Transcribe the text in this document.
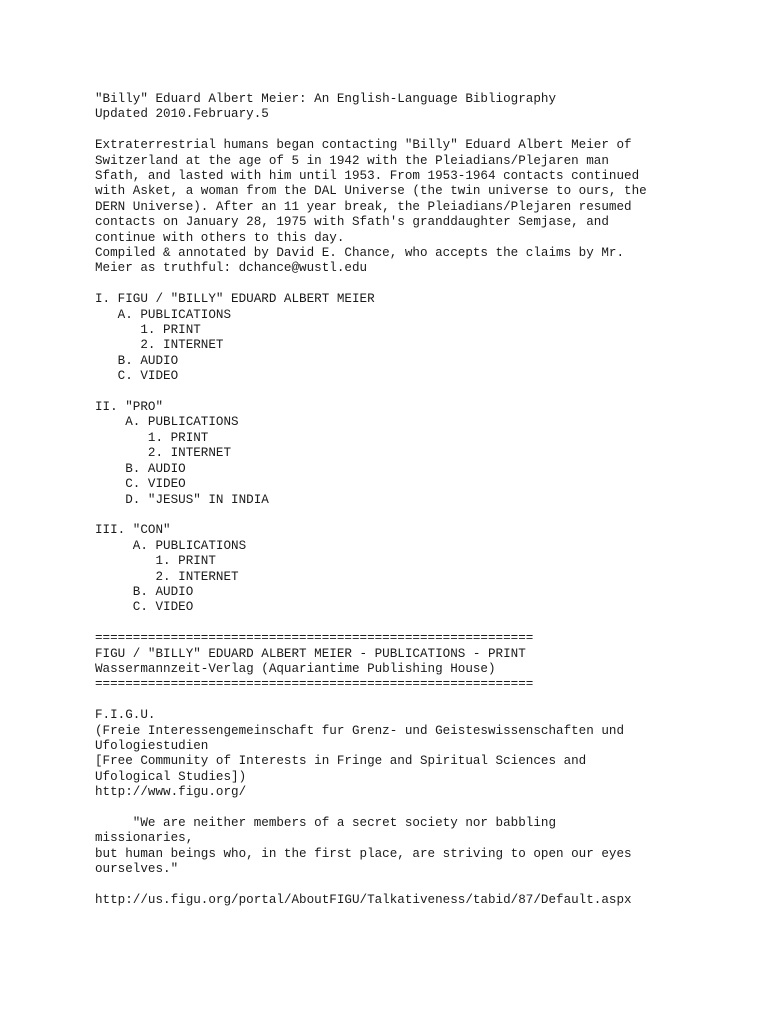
"Billy" Eduard Albert Meier: An English-Language Bibliography
Updated 2010.February.5
Extraterrestrial humans began contacting "Billy" Eduard Albert Meier of
Switzerland at the age of 5 in 1942 with the Pleiadians/Plejaren man
Sfath, and lasted with him until 1953. From 1953-1964 contacts continued
with Asket, a woman from the DAL Universe (the twin universe to ours, the
DERN Universe). After an 11 year break, the Pleiadians/Plejaren resumed
contacts on January 28, 1975 with Sfath's granddaughter Semjase, and
continue with others to this day.
Compiled & annotated by David E. Chance, who accepts the claims by Mr.
Meier as truthful: dchance@wustl.edu
I. FIGU / "BILLY" EDUARD ALBERT MEIER
A. PUBLICATIONS
1. PRINT
2. INTERNET
B. AUDIO
C. VIDEO
II. "PRO"
A. PUBLICATIONS
1. PRINT
2. INTERNET
B. AUDIO
C. VIDEO
D. "JESUS" IN INDIA
III. "CON"
A. PUBLICATIONS
1. PRINT
2. INTERNET
B. AUDIO
C. VIDEO
==========================================================
FIGU / "BILLY" EDUARD ALBERT MEIER - PUBLICATIONS - PRINT
Wassermannzeit-Verlag (Aquariantime Publishing House)
==========================================================
F.I.G.U.
(Freie Interessengemeinschaft fur Grenz- und Geisteswissenschaften und
Ufologiestudien
[Free Community of Interests in Fringe and Spiritual Sciences and
Ufological Studies])
http://www.figu.org/
"We are neither members of a secret society nor babbling
missionaries,
but human beings who, in the first place, are striving to open our eyes
ourselves."
http://us.figu.org/portal/AboutFIGU/Talkativeness/tabid/87/Default.aspx
